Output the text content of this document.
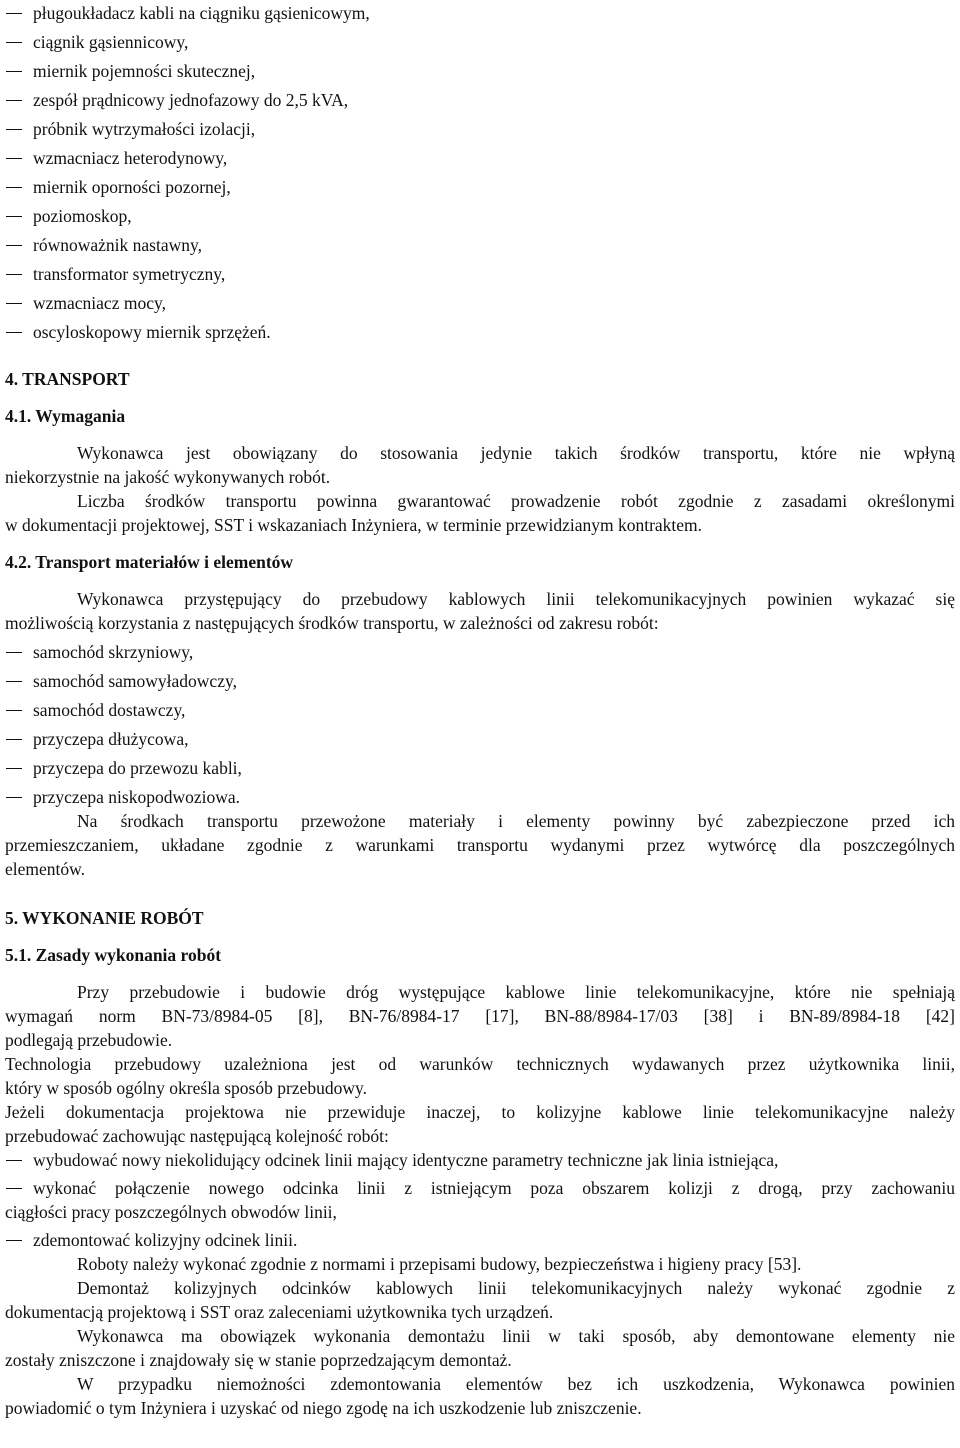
pługoukładacz kabli na ciągniku gąsienicowym,
ciągnik gąsiennicowy,
miernik pojemności skutecznej,
zespół prądnicowy jednofazowy do 2,5 kVA,
próbnik wytrzymałości izolacji,
wzmacniacz heterodynowy,
miernik oporności pozornej,
poziomoskop,
równoważnik nastawny,
transformator symetryczny,
wzmacniacz mocy,
oscyloskopowy miernik sprzężeń.
4. TRANSPORT
4.1. Wymagania
Wykonawca jest obowiązany do stosowania jedynie takich środków transportu, które nie wpłyną
niekorzystnie na jakość wykonywanych robót.
Liczba środków transportu powinna gwarantować prowadzenie robót zgodnie z zasadami określonymi
w dokumentacji projektowej, SST i wskazaniach Inżyniera, w terminie przewidzianym kontraktem.
4.2. Transport materiałów i elementów
Wykonawca przystępujący do przebudowy kablowych linii telekomunikacyjnych powinien wykazać się
możliwością korzystania z następujących środków transportu, w zależności od zakresu robót:
samochód skrzyniowy,
samochód samowyładowczy,
samochód dostawczy,
przyczepa dłużycowa,
przyczepa do przewozu kabli,
przyczepa niskopodwoziowa.
Na środkach transportu przewożone materiały i elementy powinny być zabezpieczone przed ich
przemieszczaniem, układane zgodnie z warunkami transportu wydanymi przez wytwórcę dla poszczególnych
elementów.
5. WYKONANIE ROBÓT
5.1. Zasady wykonania robót
Przy przebudowie i budowie dróg występujące kablowe linie telekomunikacyjne, które nie spełniają
wymagań norm BN-73/8984-05 [8], BN-76/8984-17 [17], BN-88/8984-17/03 [38] i BN-89/8984-18 [42]
podlegają przebudowie.
Technologia przebudowy uzależniona jest od warunków technicznych wydawanych przez użytkownika linii,
który w sposób ogólny określa sposób przebudowy.
Jeżeli dokumentacja projektowa nie przewiduje inaczej, to kolizyjne kablowe linie telekomunikacyjne należy
przebudować zachowując następującą kolejność robót:
wybudować nowy niekolidujący odcinek linii mający identyczne parametry techniczne jak linia istniejąca,
wykonać połączenie nowego odcinka linii z istniejącym poza obszarem kolizji z drogą, przy zachowaniu
ciągłości pracy poszczególnych obwodów linii,
zdemontować kolizyjny odcinek linii.
Roboty należy wykonać zgodnie z normami i przepisami budowy, bezpieczeństwa i higieny pracy [53].
Demontaż kolizyjnych odcinków kablowych linii telekomunikacyjnych należy wykonać zgodnie z
dokumentacją projektową i SST oraz zaleceniami użytkownika tych urządzeń.
Wykonawca ma obowiązek wykonania demontażu linii w taki sposób, aby demontowane elementy nie
zostały zniszczone i znajdowały się w stanie poprzedzającym demontaż.
W przypadku niemożności zdemontowania elementów bez ich uszkodzenia, Wykonawca powinien
powiadomić o tym Inżyniera i uzyskać od niego zgodę na ich uszkodzenie lub zniszczenie.
